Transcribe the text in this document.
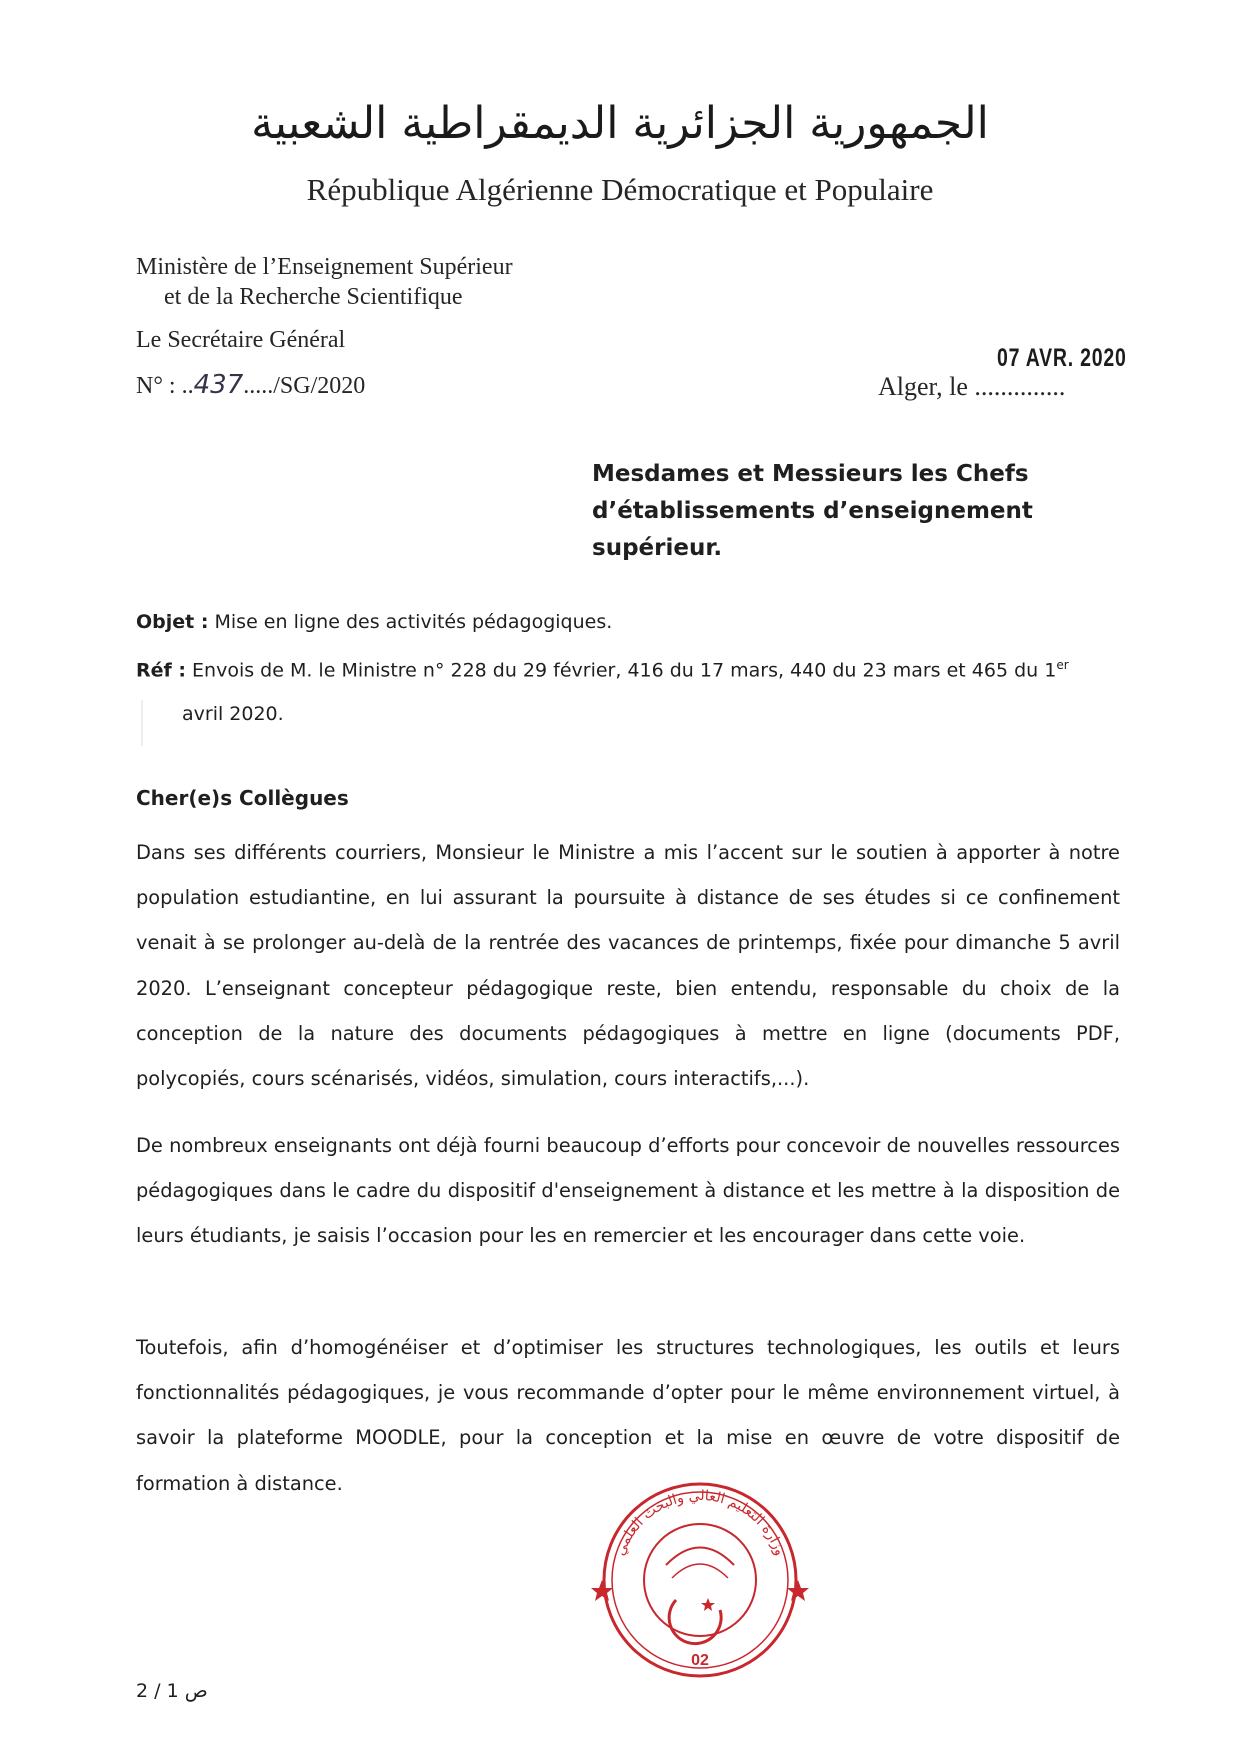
الجمهورية الجزائرية الديمقراطية الشعبية
République Algérienne Démocratique et Populaire
Ministère de l’Enseignement Supérieur
et de la Recherche Scientifique
Le Secrétaire Général
N° : ..437...../SG/2020
07 AVR. 2020
Alger, le ..............
Mesdames et Messieurs les Chefs
d’établissements d’enseignement
supérieur.
Objet : Mise en ligne des activités pédagogiques.
Réf : Envois de M. le Ministre n° 228 du 29 février, 416 du 17 mars, 440 du 23 mars et 465 du 1er
avril 2020.
Cher(e)s Collègues
Dans ses différents courriers, Monsieur le Ministre a mis l’accent sur le soutien à apporter à notre population estudiantine, en lui assurant la poursuite à distance de ses études si ce confinement venait à se prolonger au-delà de la rentrée des vacances de printemps, fixée pour dimanche 5 avril 2020. L’enseignant concepteur pédagogique reste, bien entendu, responsable du choix de la conception de la nature des documents pédagogiques à mettre en ligne (documents PDF, polycopiés, cours scénarisés, vidéos, simulation, cours interactifs,...).
De nombreux enseignants ont déjà fourni beaucoup d’efforts pour concevoir de nouvelles ressources pédagogiques dans le cadre du dispositif d'enseignement à distance et les mettre à la disposition de leurs étudiants, je saisis l’occasion pour les en remercier et les encourager dans cette voie.
Toutefois, afin d’homogénéiser et d’optimiser les structures technologiques, les outils et leurs fonctionnalités pédagogiques, je vous recommande d’opter pour le même environnement virtuel, à savoir la plateforme MOODLE, pour la conception et la mise en œuvre de votre dispositif de formation à distance.
وزارة التعليم العالي والبحث العلمي
02
2 / 1 ص
